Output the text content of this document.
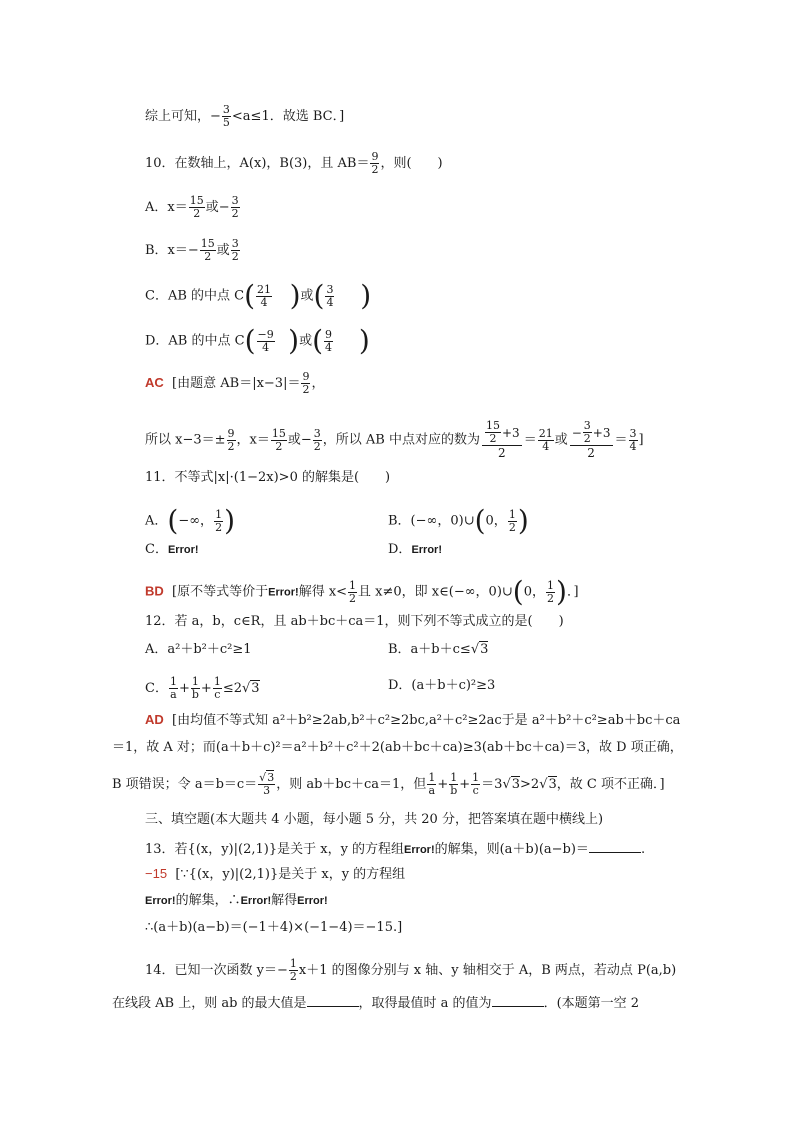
综上可知，− $\frac{3}{5} <a\le 1$．故选 BC．]
10．在数轴上，A(x)，B(3)，且 $AB= \frac{9}{2}$ ，则(　　)
A．$x= \frac{15}{2}$ 或− $\frac{3}{2}$
B．$x=- \frac{15}{2}$ 或 $\frac{3}{2}$
C．AB 的中点 $C( \frac{21}{4}$ )或( $\frac{3}{4}$ )
D．AB 的中点 $C( \frac{-9}{4}$ )或( $\frac{9}{4}$ )
AC [由题意 $AB=|x-3|= \frac{9}{2}$ ，
所以 $x-3=\pm \frac{9}{2}$ ，$x= \frac{15}{2}$ 或− $\frac{3}{2}$ ，所以 AB 中点对应的数为 $\frac{\frac{15}{2} +3}{2} = \frac{21}{4}$ 或 $\frac{- \frac{3}{2} +3}{2} = \frac{3}{4}$ ]
11．不等式|x|·(1−2x)>0 的解集是(　　)
A．(−∞， $\frac{1}{2}$ )	B．(−∞，0)∪(0， $\frac{1}{2}$ )
C．Error!	D．Error!
BD [原不等式等价于Error!解得 $x< \frac{1}{2}$ 且 x≠0，即 x∈(−∞，0)∪(0， $\frac{1}{2}$ )．]
12．若 a，b，c∈R，且 ab＋bc＋ca＝1，则下列不等式成立的是(　　)
A．a²＋b²＋c²≥1	B．a＋b＋c≤√3
C． $\frac{1}{a} + \frac{1}{b} + \frac{1}{c} \le 2√3$	D．(a＋b＋c)²≥3
AD [由均值不等式知 a²＋b²≥2ab,b²＋c²≥2bc,a²＋c²≥2ac于是 a²＋b²＋c²≥ab＋bc＋ca
＝1，故 A 对；而(a＋b＋c)²＝a²＋b²＋c²＋2(ab＋bc＋ca)≥3(ab＋bc＋ca)＝3，故 D 项正确，
B 项错误；令 $a=b=c= \frac{√3}{3}$ ，则 ab＋bc＋ca＝1，但 $\frac{1}{a} + \frac{1}{b} + \frac{1}{c} =3√3>2√3$，故 C 项不正确．]
三、填空题(本大题共 4 小题，每小题 5 分，共 20 分，把答案填在题中横线上)
13．若{(x，y)|(2,1)}是关于 x，y 的方程组Error!的解集，则(a＋b)(a−b)＝	.
−15 [∵{(x，y)|(2,1)}是关于 x，y 的方程组
Error!的解集，∴Error!解得Error!
∴(a＋b)(a−b)＝(−1＋4)×(−1−4)＝−15.]
14．已知一次函数 $y=- \frac{1}{2} x+1$ 的图像分别与 x 轴、y 轴相交于 A，B 两点，若动点 P(a,b)
在线段 AB 上，则 ab 的最大值是	，取得最值时 a 的值为	．(本题第一空 2
